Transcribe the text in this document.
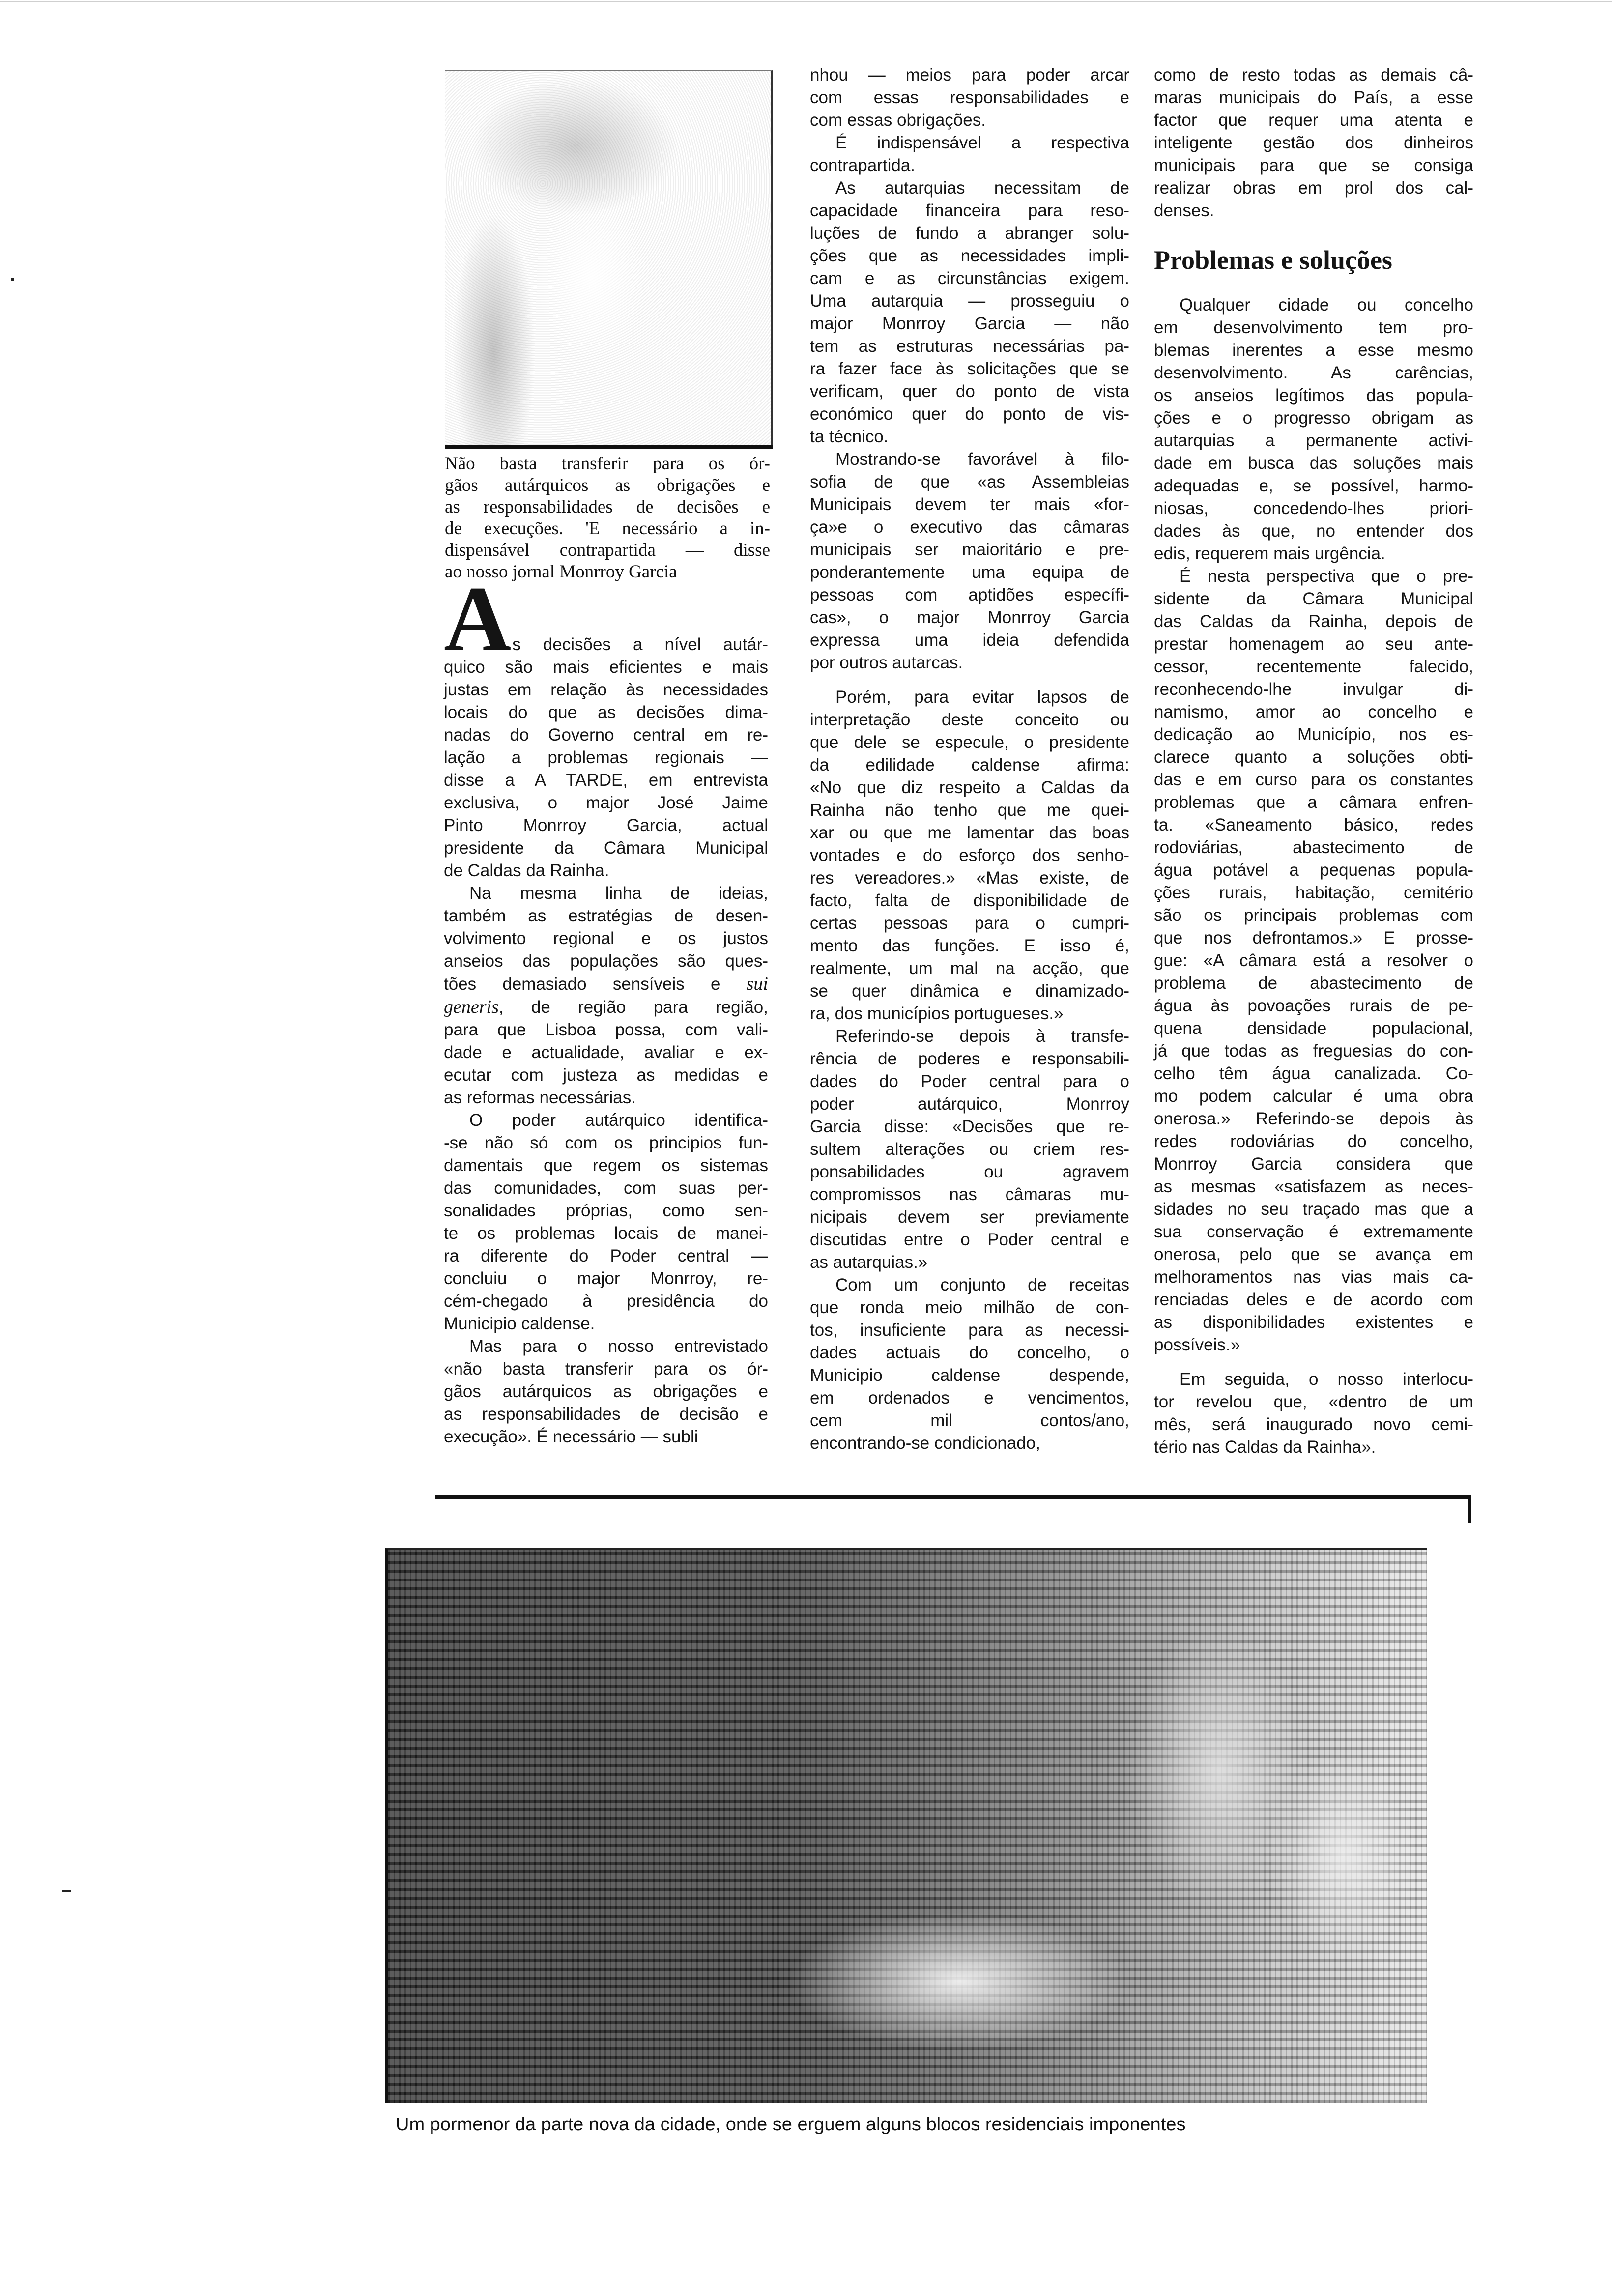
Não basta transferir para os ór-
gãos autárquicos as obrigações e
as responsabilidades de decisões e
de execuções. 'E necessário a in-
dispensável contrapartida — disse
ao nosso jornal Monrroy Garcia
As decisões a nível autár-
quico são mais eficientes e mais
justas em relação às necessidades
locais do que as decisões dima-
nadas do Governo central em re-
lação a problemas regionais —
disse a A TARDE, em entrevista
exclusiva, o major José Jaime
Pinto Monrroy Garcia, actual
presidente da Câmara Municipal
de Caldas da Rainha.
Na mesma linha de ideias,
também as estratégias de desen-
volvimento regional e os justos
anseios das populações são ques-
tões demasiado sensíveis e sui
generis, de região para região,
para que Lisboa possa, com vali-
dade e actualidade, avaliar e ex-
ecutar com justeza as medidas e
as reformas necessárias.
O poder autárquico identifica-
-se não só com os principios fun-
damentais que regem os sistemas
das comunidades, com suas per-
sonalidades próprias, como sen-
te os problemas locais de manei-
ra diferente do Poder central —
concluiu o major Monrroy, re-
cém-chegado à presidência do
Municipio caldense.
Mas para o nosso entrevistado
«não basta transferir para os ór-
gãos autárquicos as obrigações e
as responsabilidades de decisão e
execução». É necessário — subli
nhou — meios para poder arcar
com essas responsabilidades e
com essas obrigações.
É indispensável a respectiva
contrapartida.
As autarquias necessitam de
capacidade financeira para reso-
luções de fundo a abranger solu-
ções que as necessidades impli-
cam e as circunstâncias exigem.
Uma autarquia — prosseguiu o
major Monrroy Garcia — não
tem as estruturas necessárias pa-
ra fazer face às solicitações que se
verificam, quer do ponto de vista
económico quer do ponto de vis-
ta técnico.
Mostrando-se favorável à filo-
sofia de que «as Assembleias
Municipais devem ter mais «for-
ça»e o executivo das câmaras
municipais ser maioritário e pre-
ponderantemente uma equipa de
pessoas com aptidões específi-
cas», o major Monrroy Garcia
expressa uma ideia defendida
por outros autarcas.
Porém, para evitar lapsos de
interpretação deste conceito ou
que dele se especule, o presidente
da edilidade caldense afirma:
«No que diz respeito a Caldas da
Rainha não tenho que me quei-
xar ou que me lamentar das boas
vontades e do esforço dos senho-
res vereadores.» «Mas existe, de
facto, falta de disponibilidade de
certas pessoas para o cumpri-
mento das funções. E isso é,
realmente, um mal na acção, que
se quer dinâmica e dinamizado-
ra, dos municípios portugueses.»
Referindo-se depois à transfe-
rência de poderes e responsabili-
dades do Poder central para o
poder autárquico, Monrroy
Garcia disse: «Decisões que re-
sultem alterações ou criem res-
ponsabilidades ou agravem
compromissos nas câmaras mu-
nicipais devem ser previamente
discutidas entre o Poder central e
as autarquias.»
Com um conjunto de receitas
que ronda meio milhão de con-
tos, insuficiente para as necessi-
dades actuais do concelho, o
Municipio caldense despende,
em ordenados e vencimentos,
cem mil contos/ano,
encontrando-se condicionado,
como de resto todas as demais câ-
maras municipais do País, a esse
factor que requer uma atenta e
inteligente gestão dos dinheiros
municipais para que se consiga
realizar obras em prol dos cal-
denses.
Problemas e soluções
Qualquer cidade ou concelho
em desenvolvimento tem pro-
blemas inerentes a esse mesmo
desenvolvimento. As carências,
os anseios legítimos das popula-
ções e o progresso obrigam as
autarquias a permanente activi-
dade em busca das soluções mais
adequadas e, se possível, harmo-
niosas, concedendo-lhes priori-
dades às que, no entender dos
edis, requerem mais urgência.
É nesta perspectiva que o pre-
sidente da Câmara Municipal
das Caldas da Rainha, depois de
prestar homenagem ao seu ante-
cessor, recentemente falecido,
reconhecendo-lhe invulgar di-
namismo, amor ao concelho e
dedicação ao Município, nos es-
clarece quanto a soluções obti-
das e em curso para os constantes
problemas que a câmara enfren-
ta. «Saneamento básico, redes
rodoviárias, abastecimento de
água potável a pequenas popula-
ções rurais, habitação, cemitério
são os principais problemas com
que nos defrontamos.» E prosse-
gue: «A câmara está a resolver o
problema de abastecimento de
água às povoações rurais de pe-
quena densidade populacional,
já que todas as freguesias do con-
celho têm água canalizada. Co-
mo podem calcular é uma obra
onerosa.» Referindo-se depois às
redes rodoviárias do concelho,
Monrroy Garcia considera que
as mesmas «satisfazem as neces-
sidades no seu traçado mas que a
sua conservação é extremamente
onerosa, pelo que se avança em
melhoramentos nas vias mais ca-
renciadas deles e de acordo com
as disponibilidades existentes e
possíveis.»
Em seguida, o nosso interlocu-
tor revelou que, «dentro de um
mês, será inaugurado novo cemi-
tério nas Caldas da Rainha».
Um pormenor da parte nova da cidade, onde se erguem alguns blocos residenciais imponentes
